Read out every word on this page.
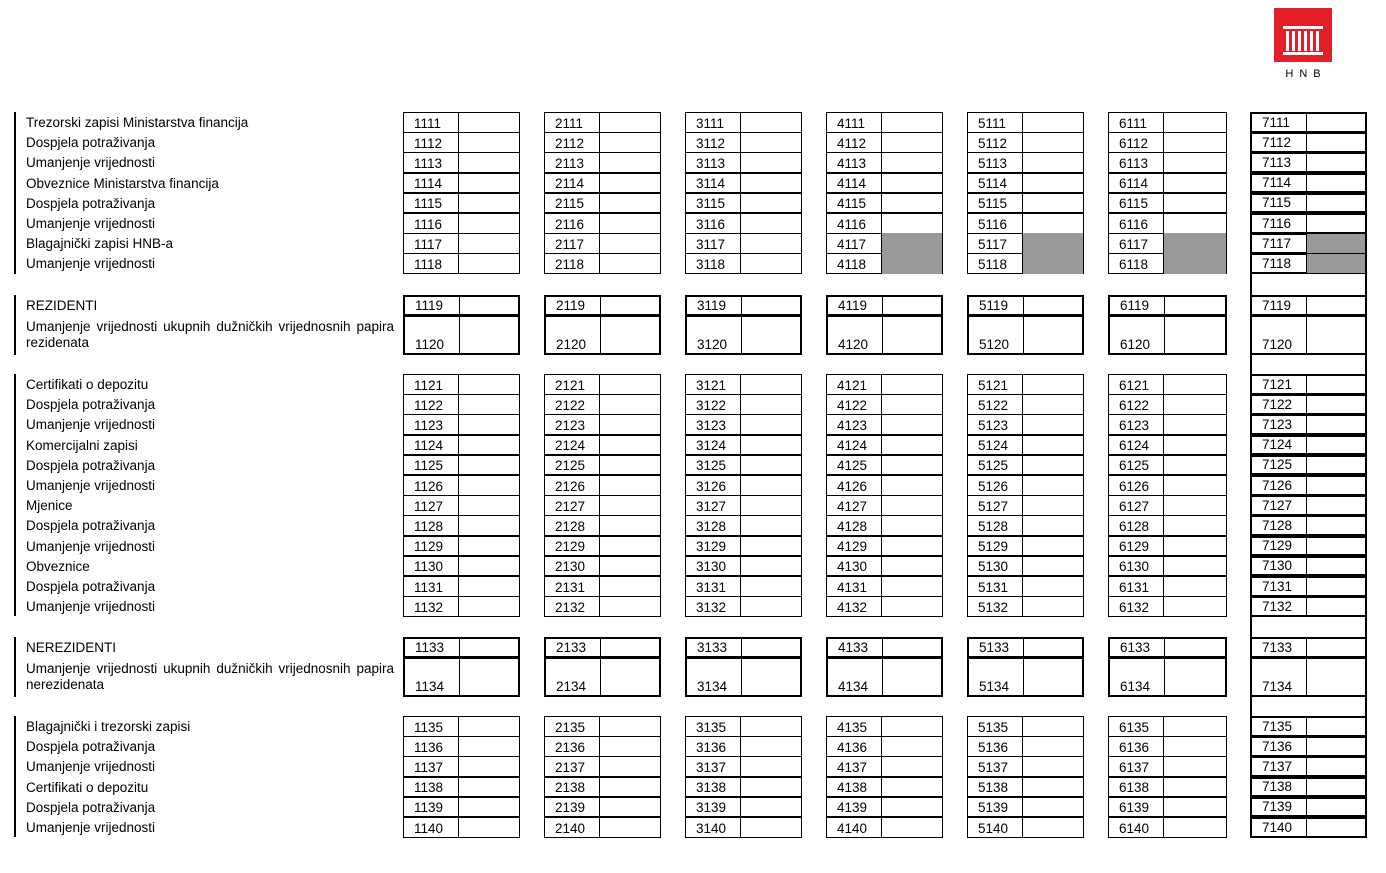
HNB
Trezorski zapisi Ministarstva financija	1111	2111	3111	4111	5111	6111	7111
Dospjela potraživanja	1112	2112	3112	4112	5112	6112	7112
Umanjenje vrijednosti	1113	2113	3113	4113	5113	6113	7113
Obveznice Ministarstva financija	1114	2114	3114	4114	5114	6114	7114
Dospjela potraživanja	1115	2115	3115	4115	5115	6115	7115
Umanjenje vrijednosti	1116	2116	3116	4116	5116	6116	7116
Blagajnički zapisi HNB-a	1117	2117	3117	4117	5117	6117	7117
Umanjenje vrijednosti	1118	2118	3118	4118	5118	6118	7118
REZIDENTI	1119	2119	3119	4119	5119	6119	7119
Umanjenje vrijednosti ukupnih dužničkih vrijednosnih papira rezidenata	1120	2120	3120	4120	5120	6120	7120
Certifikati o depozitu	1121	2121	3121	4121	5121	6121	7121
Dospjela potraživanja	1122	2122	3122	4122	5122	6122	7122
Umanjenje vrijednosti	1123	2123	3123	4123	5123	6123	7123
Komercijalni zapisi	1124	2124	3124	4124	5124	6124	7124
Dospjela potraživanja	1125	2125	3125	4125	5125	6125	7125
Umanjenje vrijednosti	1126	2126	3126	4126	5126	6126	7126
Mjenice	1127	2127	3127	4127	5127	6127	7127
Dospjela potraživanja	1128	2128	3128	4128	5128	6128	7128
Umanjenje vrijednosti	1129	2129	3129	4129	5129	6129	7129
Obveznice	1130	2130	3130	4130	5130	6130	7130
Dospjela potraživanja	1131	2131	3131	4131	5131	6131	7131
Umanjenje vrijednosti	1132	2132	3132	4132	5132	6132	7132
NEREZIDENTI	1133	2133	3133	4133	5133	6133	7133
Umanjenje vrijednosti ukupnih dužničkih vrijednosnih papira nerezidenata	1134	2134	3134	4134	5134	6134	7134
Blagajnički i trezorski zapisi	1135	2135	3135	4135	5135	6135	7135
Dospjela potraživanja	1136	2136	3136	4136	5136	6136	7136
Umanjenje vrijednosti	1137	2137	3137	4137	5137	6137	7137
Certifikati o depozitu	1138	2138	3138	4138	5138	6138	7138
Dospjela potraživanja	1139	2139	3139	4139	5139	6139	7139
Umanjenje vrijednosti	1140	2140	3140	4140	5140	6140	7140
